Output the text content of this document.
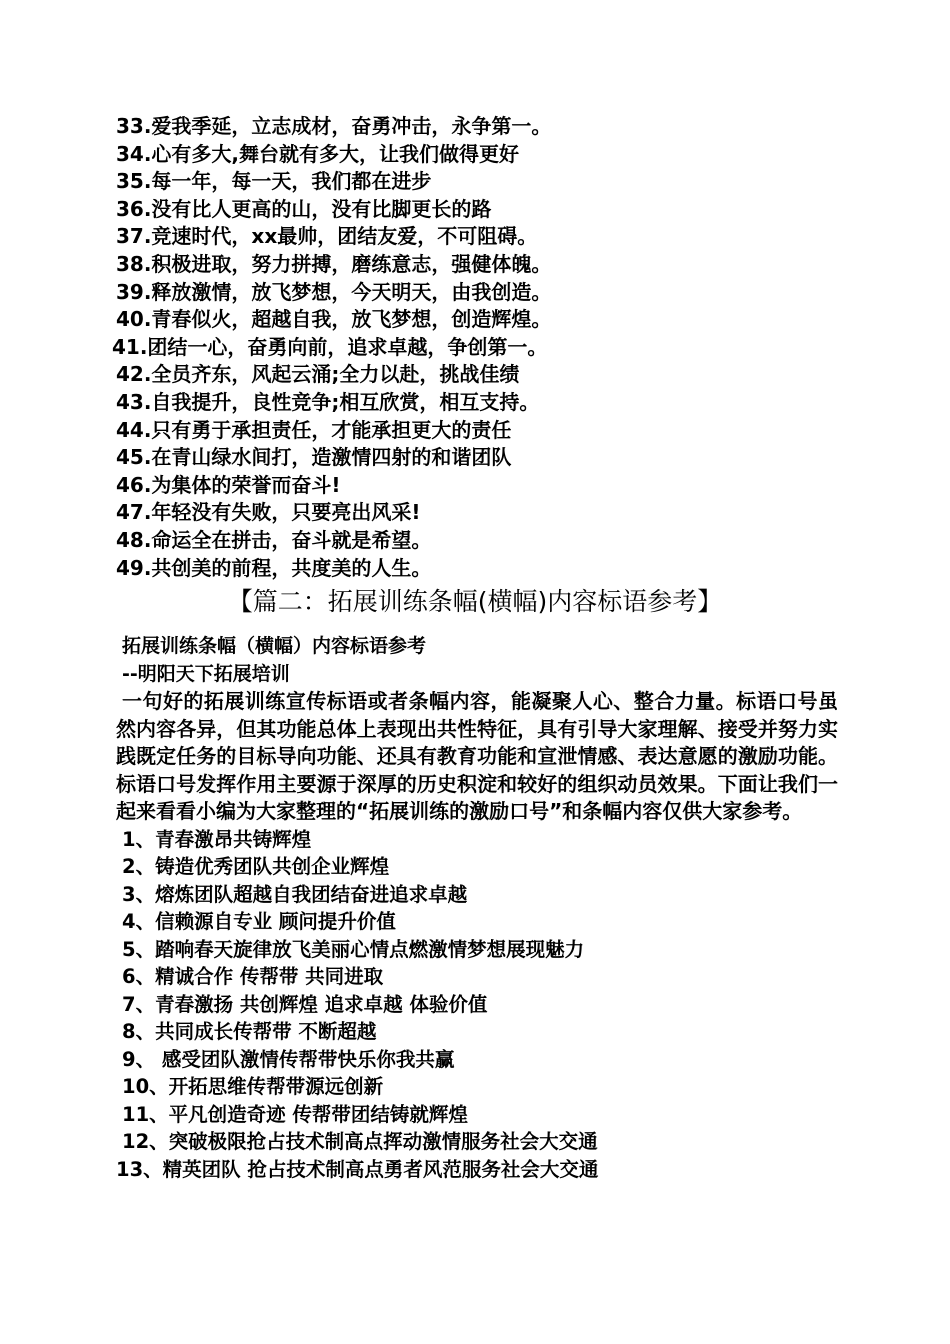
33.爱我季延，立志成材，奋勇冲击，永争第一。
34.心有多大,舞台就有多大，让我们做得更好
35.每一年，每一天，我们都在进步
36.没有比人更高的山，没有比脚更长的路
37.竞速时代，xx最帅，团结友爱，不可阻碍。
38.积极进取，努力拼搏，磨练意志，强健体魄。
39.释放激情，放飞梦想，今天明天，由我创造。
40.青春似火，超越自我，放飞梦想，创造辉煌。
41.团结一心，奋勇向前，追求卓越，争创第一。
42.全员齐东，风起云涌;全力以赴，挑战佳绩
43.自我提升，良性竞争;相互欣赏，相互支持。
44.只有勇于承担责任，才能承担更大的责任
45.在青山绿水间打，造激情四射的和谐团队
46.为集体的荣誉而奋斗!
47.年轻没有失败，只要亮出风采!
48.命运全在拼击，奋斗就是希望。
49.共创美的前程，共度美的人生。
【篇二：拓展训练条幅(横幅)内容标语参考】
拓展训练条幅（横幅）内容标语参考
--明阳天下拓展培训

一句好的拓展训练宣传标语或者条幅内容，能凝聚人心、整合力量。标语口号虽然内容各异，但其功能总体上表现出共性特征，具有引导大家理解、接受并努力实践既定任务的目标导向功能、还具有教育功能和宣泄情感、表达意愿的激励功能。标语口号发挥作用主要源于深厚的历史积淀和较好的组织动员效果。下面让我们一起来看看小编为大家整理的“拓展训练的激励口号”和条幅内容仅供大家参考。

1、青春激昂共铸辉煌
2、铸造优秀团队共创企业辉煌
3、熔炼团队超越自我团结奋进追求卓越
4、信赖源自专业 顾问提升价值
5、踏响春天旋律放飞美丽心情点燃激情梦想展现魅力
6、精诚合作 传帮带 共同进取
7、青春激扬 共创辉煌 追求卓越 体验价值
8、共同成长传帮带 不断超越
9、 感受团队激情传帮带快乐你我共赢
10、开拓思维传帮带源远创新
11、平凡创造奇迹 传帮带团结铸就辉煌
12、突破极限抢占技术制高点挥动激情服务社会大交通
13、精英团队 抢占技术制高点勇者风范服务社会大交通
